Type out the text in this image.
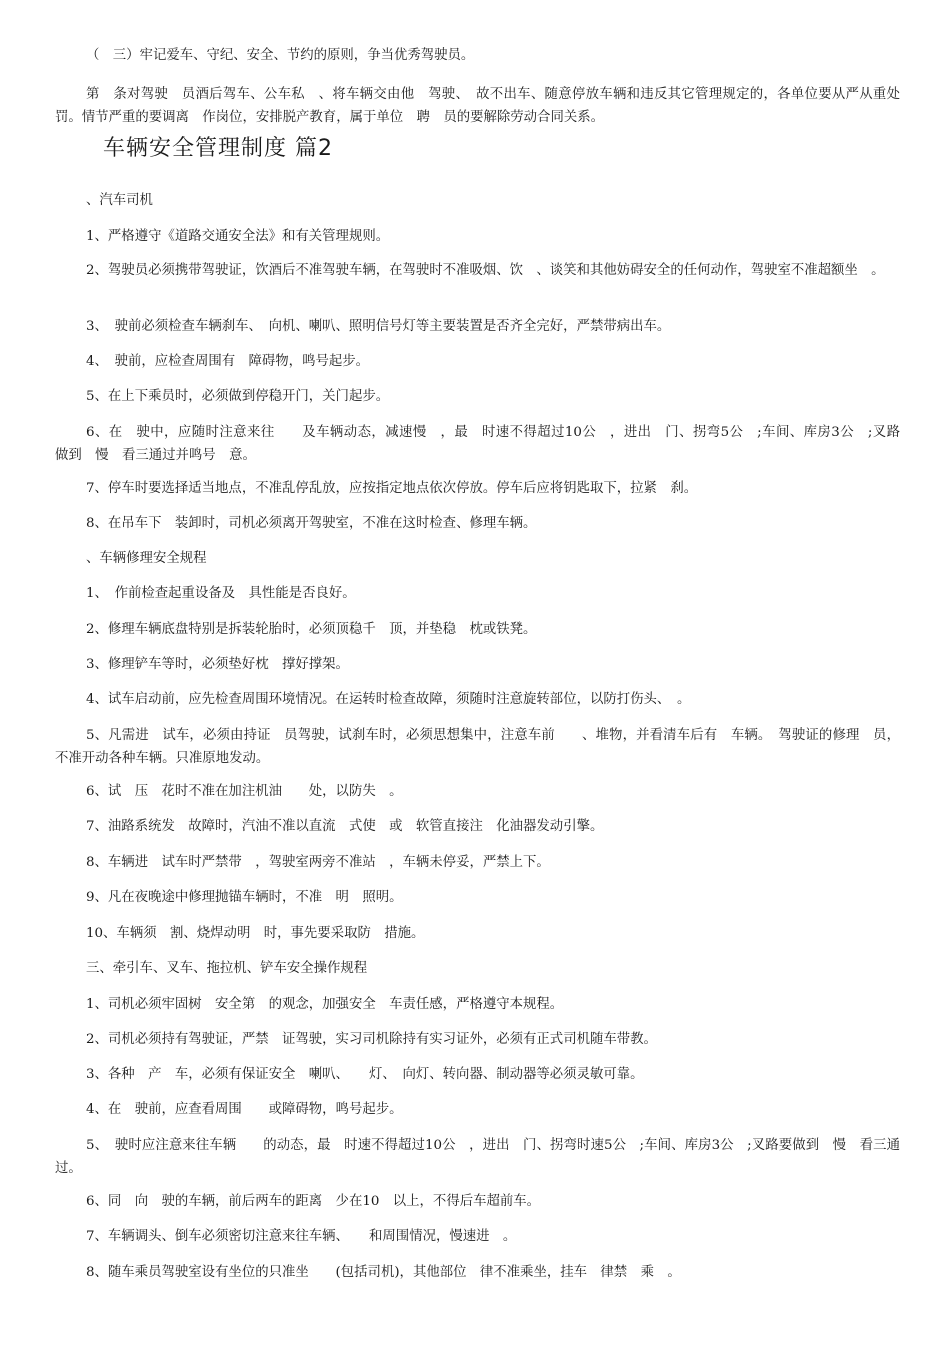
（　三）牢记爱车、守纪、安全、节约的原则，争当优秀驾驶员。

第　条对驾驶　员酒后驾车、公车私　、将车辆交由他　驾驶、　故不出车、随意停放车辆和违反其它管理规定的，各单位要从严从重处罚。情节严重的要调离　作岗位，安排脱产教育，属于单位　聘　员的要解除劳动合同关系。

车辆安全管理制度 篇2

、汽车司机

1、严格遵守《道路交通安全法》和有关管理规则。

2、驾驶员必须携带驾驶证，饮酒后不准驾驶车辆，在驾驶时不准吸烟、饮　、谈笑和其他妨碍安全的任何动作，驾驶室不准超额坐　。

3、　驶前必须检查车辆刹车、　向机、喇叭、照明信号灯等主要装置是否齐全完好，严禁带病出车。

4、　驶前，应检查周围有　障碍物，鸣号起步。

5、在上下乘员时，必须做到停稳开门，关门起步。

6、在　驶中，应随时注意来往　　及车辆动态，减速慢　，最　时速不得超过10公　，进出　门、拐弯5公　;车间、库房3公　;叉路　做到　慢　看三通过并鸣号　意。

7、停车时要选择适当地点，不准乱停乱放，应按指定地点依次停放。停车后应将钥匙取下，拉紧　刹。

8、在吊车下　装卸时，司机必须离开驾驶室，不准在这时检查、修理车辆。

、车辆修理安全规程

1、　作前检查起重设备及　具性能是否良好。

2、修理车辆底盘特别是拆装轮胎时，必须顶稳千　顶，并垫稳　枕或铁凳。

3、修理铲车等时，必须垫好枕　撑好撑架。

4、试车启动前，应先检查周围环境情况。在运转时检查故障，须随时注意旋转部位，以防打伤头、　。

5、凡需进　试车，必须由持证　员驾驶，试刹车时，必须思想集中，注意车前　　、堆物，并看清车后有　车辆。　驾驶证的修理　员，不准开动各种车辆。只准原地发动。

6、试　压　花时不准在加注机油　　处，以防失　。

7、油路系统发　故障时，汽油不准以直流　式使　或　软管直接注　化油器发动引擎。

8、车辆进　试车时严禁带　，驾驶室两旁不准站　，车辆未停妥，严禁上下。

9、凡在夜晚途中修理抛锚车辆时，不准　明　照明。

10、车辆须　割、烧焊动明　时，事先要采取防　措施。

三、牵引车、叉车、拖拉机、铲车安全操作规程

1、司机必须牢固树　安全第　的观念，加强安全　车责任感，严格遵守本规程。

2、司机必须持有驾驶证，严禁　证驾驶，实习司机除持有实习证外，必须有正式司机随车带教。

3、各种　产　车，必须有保证安全　喇叭、　　灯、　向灯、转向器、制动器等必须灵敏可靠。

4、在　驶前，应查看周围　　或障碍物，鸣号起步。

5、　驶时应注意来往车辆　　的动态，最　时速不得超过10公　，进出　门、拐弯时速5公　;车间、库房3公　;叉路要做到　慢　看三通过。

6、同　向　驶的车辆，前后两车的距离　少在10　以上，不得后车超前车。

7、车辆调头、倒车必须密切注意来往车辆、　　和周围情况，慢速进　。

8、随车乘员驾驶室设有坐位的只准坐　　(包括司机)，其他部位　律不准乘坐，挂车　律禁　乘　。
